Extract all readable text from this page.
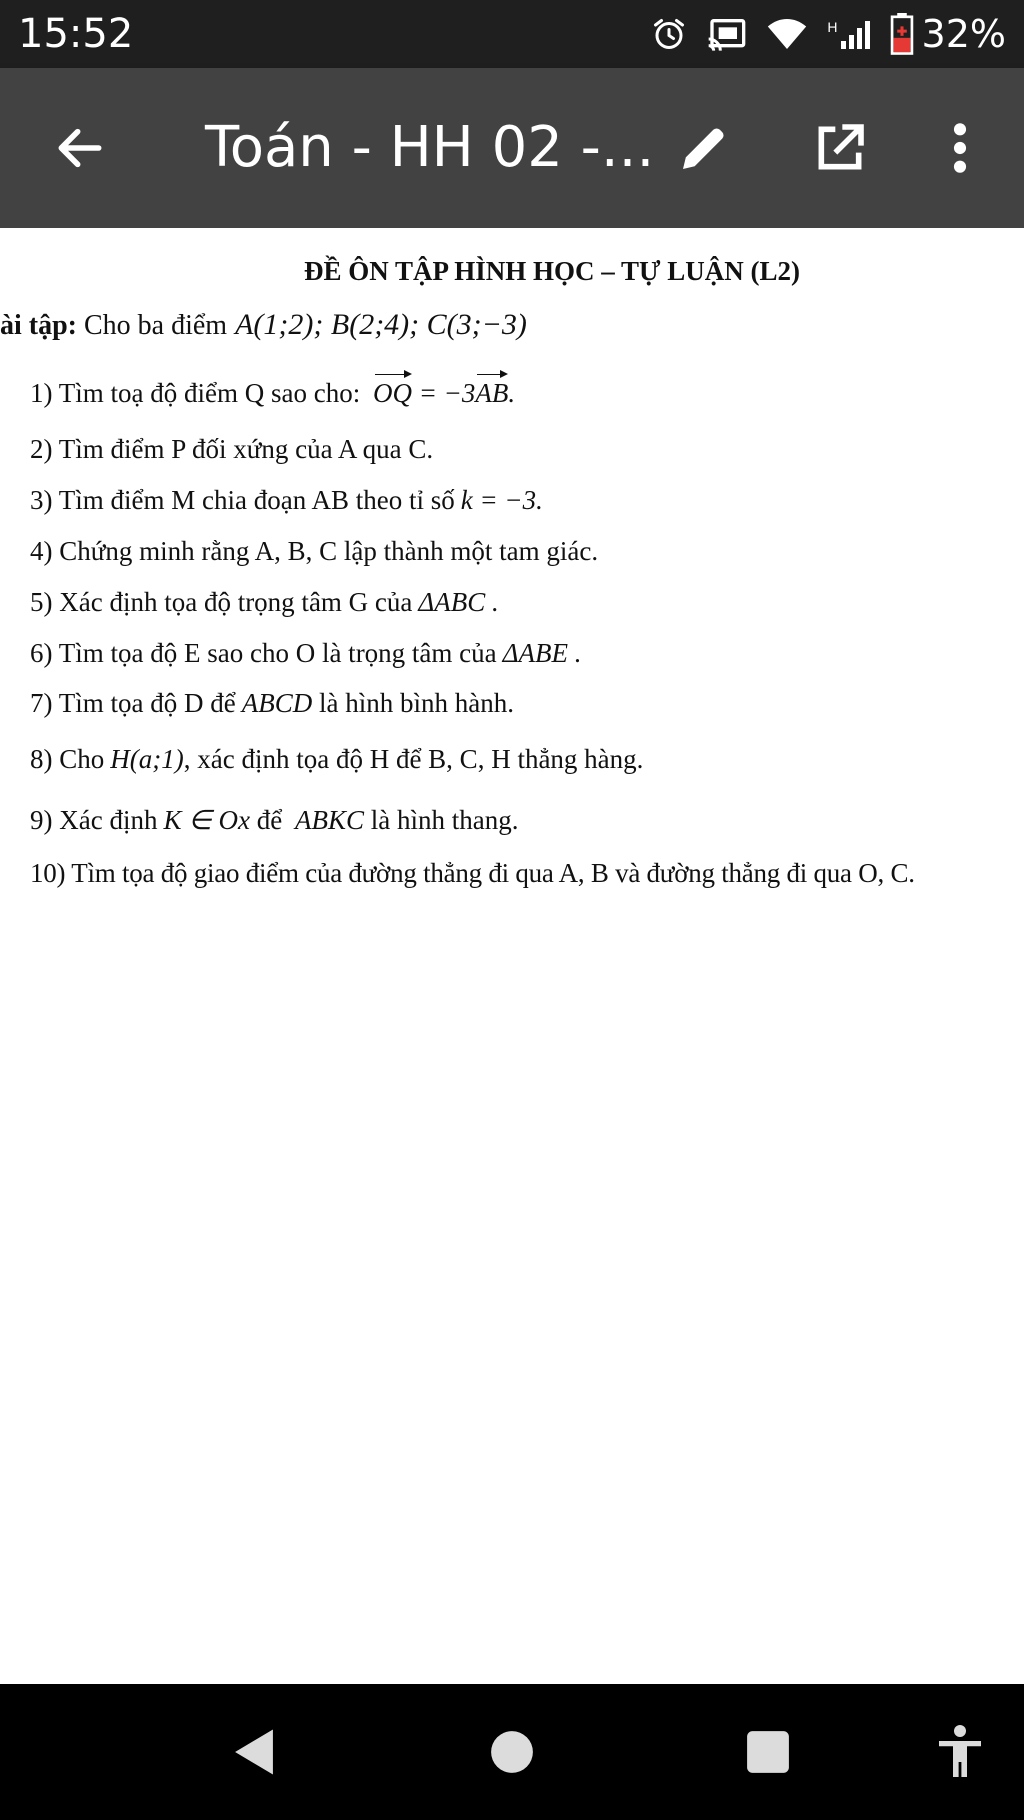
15:52	H 32%
Toán - HH 02 -...
ĐỀ ÔN TẬP HÌNH HỌC – TỰ LUẬN (L2)
ài tập: Cho ba điểm A(1;2); B(2;4); C(3;−3)
1) Tìm toạ độ điểm Q sao cho: OQ = −3AB.
2) Tìm điểm P đối xứng của A qua C.
3) Tìm điểm M chia đoạn AB theo tỉ số k = −3.
4) Chứng minh rằng A, B, C lập thành một tam giác.
5) Xác định tọa độ trọng tâm G của ΔABC .
6) Tìm tọa độ E sao cho O là trọng tâm của ΔABE .
7) Tìm tọa độ D để ABCD là hình bình hành.
8) Cho H(a;1), xác định tọa độ H để B, C, H thẳng hàng.
9) Xác định K ∈ Ox để ABKC là hình thang.
10) Tìm tọa độ giao điểm của đường thẳng đi qua A, B và đường thẳng đi qua O, C.
